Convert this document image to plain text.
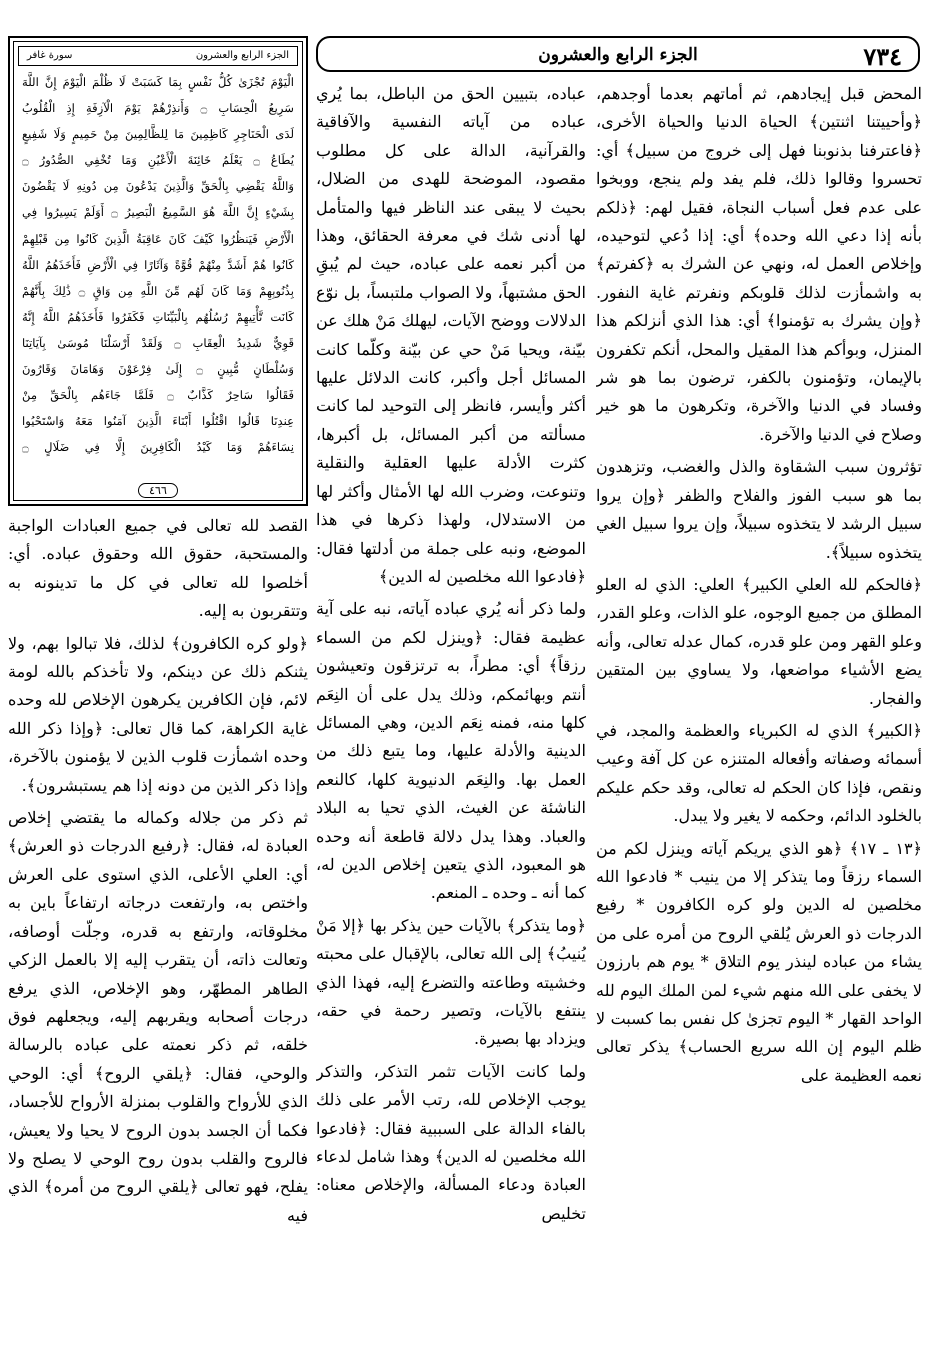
٧٣٤
الجزء الرابع والعشرون
الجزء الرابع والعشرون
سورة غافر

الْيَوْمَ تُجْزَىٰ كُلُّ نَفْسٍ بِمَا كَسَبَتْ لَا ظُلْمَ الْيَوْمَ إِنَّ اللَّهَ

سَرِيعُ الْحِسَابِ ۝ وَأَنذِرْهُمْ يَوْمَ الْآزِفَةِ إِذِ الْقُلُوبُ

لَدَى الْحَنَاجِرِ كَاظِمِينَ مَا لِلظَّالِمِينَ مِنْ حَمِيمٍ وَلَا شَفِيعٍ

يُطَاعُ ۝ يَعْلَمُ خَائِنَةَ الْأَعْيُنِ وَمَا تُخْفِي الصُّدُورُ ۝

وَاللَّهُ يَقْضِي بِالْحَقِّ وَالَّذِينَ يَدْعُونَ مِن دُونِهِ لَا يَقْضُونَ

بِشَيْءٍ إِنَّ اللَّهَ هُوَ السَّمِيعُ الْبَصِيرُ ۝ أَوَلَمْ يَسِيرُوا فِي

الْأَرْضِ فَيَنظُرُوا كَيْفَ كَانَ عَاقِبَةُ الَّذِينَ كَانُوا مِن قَبْلِهِمْ

كَانُوا هُمْ أَشَدَّ مِنْهُمْ قُوَّةً وَآثَارًا فِي الْأَرْضِ فَأَخَذَهُمُ اللَّهُ

بِذُنُوبِهِمْ وَمَا كَانَ لَهُم مِّنَ اللَّهِ مِن وَاقٍ ۝ ذَٰلِكَ بِأَنَّهُمْ

كَانَت تَّأْتِيهِمْ رُسُلُهُم بِالْبَيِّنَاتِ فَكَفَرُوا فَأَخَذَهُمُ اللَّهُ إِنَّهُ

قَوِيٌّ شَدِيدُ الْعِقَابِ ۝ وَلَقَدْ أَرْسَلْنَا مُوسَىٰ بِآيَاتِنَا

وَسُلْطَانٍ مُّبِينٍ ۝ إِلَىٰ فِرْعَوْنَ وَهَامَانَ وَقَارُونَ

فَقَالُوا سَاحِرٌ كَذَّابٌ ۝ فَلَمَّا جَاءَهُم بِالْحَقِّ مِنْ

عِندِنَا قَالُوا اقْتُلُوا أَبْنَاءَ الَّذِينَ آمَنُوا مَعَهُ وَاسْتَحْيُوا

نِسَاءَهُمْ وَمَا كَيْدُ الْكَافِرِينَ إِلَّا فِي ضَلَالٍ ۝

٤٦٦

المحض قبل إيجادهم، ثم أماتهم بعدما أوجدهم، ﴿وأحييتنا اثنتين﴾ الحياة الدنيا والحياة الأخرى، ﴿فاعترفنا بذنوبنا فهل إلى خروج من سبيل﴾ أي: تحسروا وقالوا ذلك، فلم يفد ولم ينجع، ووبخوا على عدم فعل أسباب النجاة، فقيل لهم: ﴿ذلكم بأنه إذا دعي الله وحده﴾ أي: إذا دُعي لتوحيده، وإخلاص العمل له، ونهي عن الشرك به ﴿كفرتم﴾ به واشمأزت لذلك قلوبكم ونفرتم غاية النفور. ﴿وإن يشرك به تؤمنوا﴾ أي: هذا الذي أنزلكم هذا المنزل، وبوأكم هذا المقيل والمحل، أنكم تكفرون بالإيمان، وتؤمنون بالكفر، ترضون بما هو شر وفساد في الدنيا والآخرة، وتكرهون ما هو خير وصلاح في الدنيا والآخرة.

تؤثرون سبب الشقاوة والذل والغضب، وتزهدون بما هو سبب الفوز والفلاح والظفر ﴿وإن يروا سبيل الرشد لا يتخذوه سبيلاً، وإن يروا سبيل الغي يتخذوه سبيلاً﴾.

﴿فالحكم لله العلي الكبير﴾ العلي: الذي له العلو المطلق من جميع الوجوه، علو الذات، وعلو القدر، وعلو القهر ومن علو قدره، كمال عدله تعالى، وأنه يضع الأشياء مواضعها، ولا يساوي بين المتقين والفجار.

﴿الكبير﴾ الذي له الكبرياء والعظمة والمجد، في أسمائه وصفاته وأفعاله المتنزه عن كل آفة وعيب ونقص، فإذا كان الحكم له تعالى، وقد حكم عليكم بالخلود الدائم، وحكمه لا يغير ولا يبدل.

﴿١٣ ـ ١٧﴾ ﴿هو الذي يريكم آياته وينزل لكم من السماء رزقاً وما يتذكر إلا من ينيب * فادعوا الله مخلصين له الدين ولو كره الكافرون * رفيع الدرجات ذو العرش يُلقي الروح من أمره على من يشاء من عباده لينذر يوم التلاق * يوم هم بارزون لا يخفى على الله منهم شيء لمن الملك اليوم لله الواحد القهار * اليوم تجزىٰ كل نفس بما كسبت لا ظلم اليوم إن الله سريع الحساب﴾ يذكر تعالى نعمه العظيمة على

عباده، بتبيين الحق من الباطل، بما يُري عباده من آياته النفسية والآفاقية والقرآنية، الدالة على كل مطلوب مقصود، الموضحة للهدى من الضلال، بحيث لا يبقى عند الناظر فيها والمتأمل لها أدنى شك في معرفة الحقائق، وهذا من أكبر نعمه على عباده، حيث لم يُبقِ الحق مشتبهاً، ولا الصواب ملتبساً، بل نوّع الدلالات ووضح الآيات، ليهلك مَنْ هلك عن بيّنة، ويحيا مَنْ حي عن بيّنة وكلّما كانت المسائل أجل وأكبر، كانت الدلائل عليها أكثر وأيسر، فانظر إلى التوحيد لما كانت مسألته من أكبر المسائل، بل أكبرها، كثرت الأدلة عليها العقلية والنقلية وتنوعت، وضرب الله لها الأمثال وأكثر لها من الاستدلال، ولهذا ذكرها في هذا الموضع، ونبه على جملة من أدلتها فقال: ﴿فادعوا الله مخلصين له الدين﴾

ولما ذكر أنه يُري عباده آياته، نبه على آية عظيمة فقال: ﴿وينزل لكم من السماء رزقاً﴾ أي: مطراً، به ترتزقون وتعيشون أنتم وبهائمكم، وذلك يدل على أن النِعَم كلها منه، فمنه نِعَم الدين، وهي المسائل الدينية والأدلة عليها، وما يتبع ذلك من العمل بها. والنِعَم الدنيوية كلها، كالنعم الناشئة عن الغيث، الذي تحيا به البلاد والعباد. وهذا يدل دلالة قاطعة أنه وحده هو المعبود، الذي يتعين إخلاص الدين له، كما أنه ـ وحده ـ المنعم.

﴿وما يتذكر﴾ بالآيات حين يذكر بها ﴿إلا مَنْ يُنيبُ﴾ إلى الله تعالى، بالإقبال على محبته وخشيته وطاعته والتضرع إليه، فهذا الذي ينتفع بالآيات، وتصير رحمة في حقه، ويزداد بها بصيرة.

ولما كانت الآيات تثمر التذكر، والتذكر يوجب الإخلاص لله، رتب الأمر على ذلك بالفاء الدالة على السببية فقال: ﴿فادعوا الله مخلصين له الدين﴾ وهذا شامل لدعاء العبادة ودعاء المسألة، والإخلاص معناه: تخليص

القصد لله تعالى في جميع العبادات الواجبة والمستحبة، حقوق الله وحقوق عباده. أي: أخلصوا لله تعالى في كل ما تدينونه به وتتقربون به إليه.

﴿ولو كره الكافرون﴾ لذلك، فلا تبالوا بهم، ولا يثنكم ذلك عن دينكم، ولا تأخذكم بالله لومة لائم، فإن الكافرين يكرهون الإخلاص لله وحده غاية الكراهة، كما قال تعالى: ﴿وإذا ذكر الله وحده اشمأزت قلوب الذين لا يؤمنون بالآخرة، وإذا ذكر الذين من دونه إذا هم يستبشرون﴾.

ثم ذكر من جلاله وكماله ما يقتضي إخلاص العبادة له، فقال: ﴿رفيع الدرجات ذو العرش﴾ أي: العلي الأعلى، الذي استوى على العرش واختص به، وارتفعت درجاته ارتفاعاً باين به مخلوقاته، وارتفع به قدره، وجلّت أوصافه، وتعالت ذاته، أن يتقرب إليه إلا بالعمل الزكي الطاهر المطهّر، وهو الإخلاص، الذي يرفع درجات أصحابه ويقربهم إليه، ويجعلهم فوق خلقه، ثم ذكر نعمته على عباده بالرسالة والوحي، فقال: ﴿يلقي الروح﴾ أي: الوحي الذي للأرواح والقلوب بمنزلة الأرواح للأجساد، فكما أن الجسد بدون الروح لا يحيا ولا يعيش، فالروح والقلب بدون روح الوحي لا يصلح ولا يفلح، فهو تعالى ﴿يلقي الروح من أمره﴾ الذي فيه
